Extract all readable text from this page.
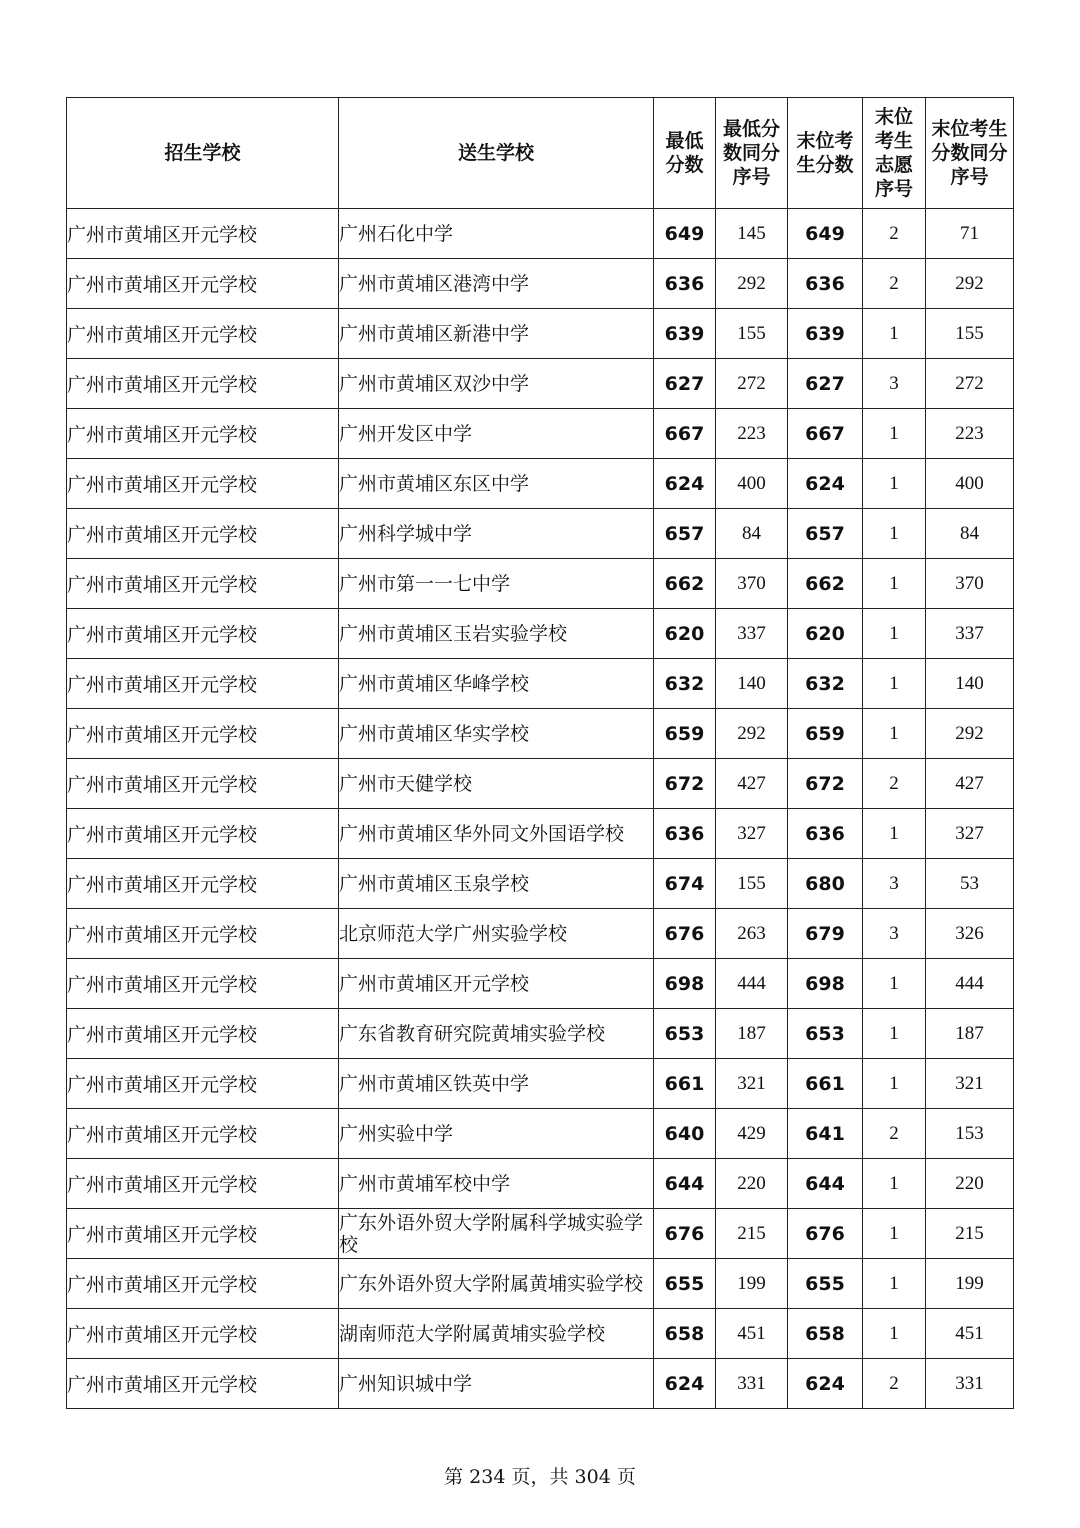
招生学校	送生学校	最低分数	最低分数同分序号	末位考生分数	末位考生志愿序号	末位考生分数同分序号

广州市黄埔区开元学校	广州石化中学	649	145	649	2	71
广州市黄埔区开元学校	广州市黄埔区港湾中学	636	292	636	2	292
广州市黄埔区开元学校	广州市黄埔区新港中学	639	155	639	1	155
广州市黄埔区开元学校	广州市黄埔区双沙中学	627	272	627	3	272
广州市黄埔区开元学校	广州开发区中学	667	223	667	1	223
广州市黄埔区开元学校	广州市黄埔区东区中学	624	400	624	1	400
广州市黄埔区开元学校	广州科学城中学	657	84	657	1	84
广州市黄埔区开元学校	广州市第一一七中学	662	370	662	1	370
广州市黄埔区开元学校	广州市黄埔区玉岩实验学校	620	337	620	1	337
广州市黄埔区开元学校	广州市黄埔区华峰学校	632	140	632	1	140
广州市黄埔区开元学校	广州市黄埔区华实学校	659	292	659	1	292
广州市黄埔区开元学校	广州市天健学校	672	427	672	2	427
广州市黄埔区开元学校	广州市黄埔区华外同文外国语学校	636	327	636	1	327
广州市黄埔区开元学校	广州市黄埔区玉泉学校	674	155	680	3	53
广州市黄埔区开元学校	北京师范大学广州实验学校	676	263	679	3	326
广州市黄埔区开元学校	广州市黄埔区开元学校	698	444	698	1	444
广州市黄埔区开元学校	广东省教育研究院黄埔实验学校	653	187	653	1	187
广州市黄埔区开元学校	广州市黄埔区铁英中学	661	321	661	1	321
广州市黄埔区开元学校	广州实验中学	640	429	641	2	153
广州市黄埔区开元学校	广州市黄埔军校中学	644	220	644	1	220
广州市黄埔区开元学校	广东外语外贸大学附属科学城实验学校	676	215	676	1	215
广州市黄埔区开元学校	广东外语外贸大学附属黄埔实验学校	655	199	655	1	199
广州市黄埔区开元学校	湖南师范大学附属黄埔实验学校	658	451	658	1	451
广州市黄埔区开元学校	广州知识城中学	624	331	624	2	331
第 234 页，共 304 页
